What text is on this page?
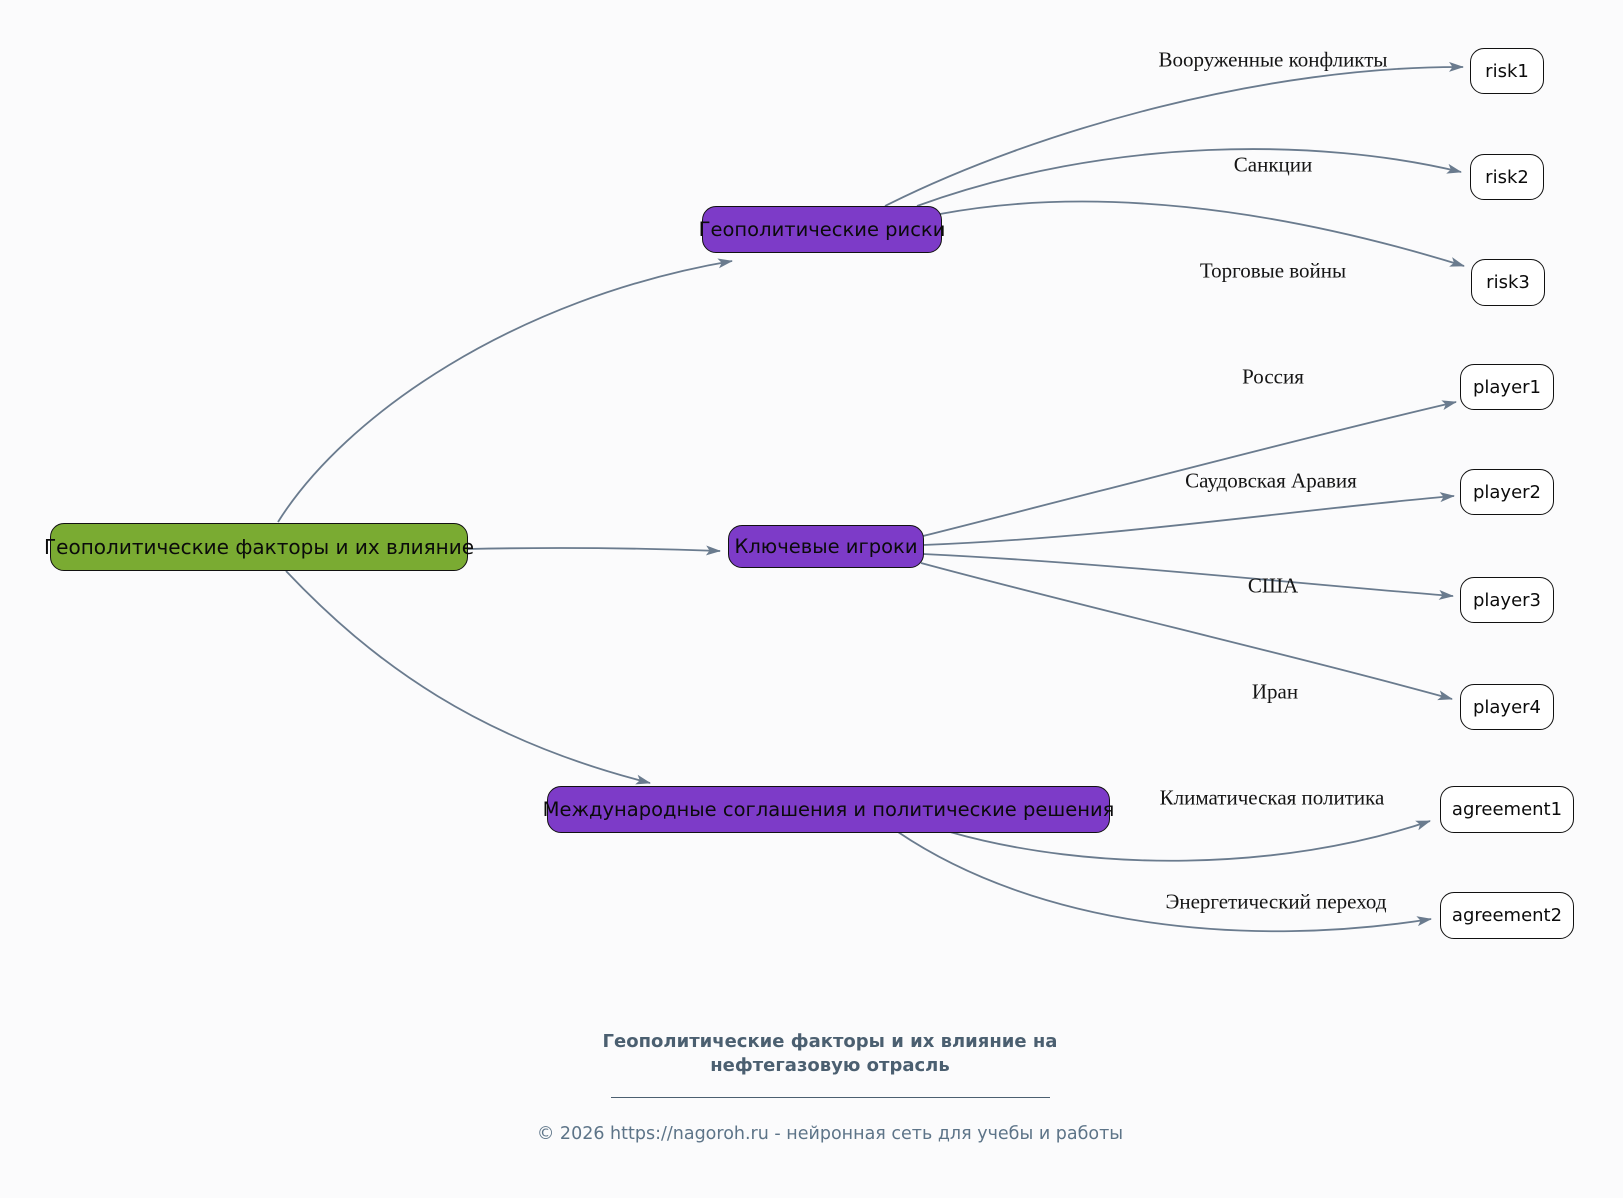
Геополитические факторы и их влияние
Геополитические риски
Ключевые игроки
Международные соглашения и политические решения
risk1
risk2
risk3
player1
player2
player3
player4
agreement1
agreement2
Вооруженные конфликты
Санкции
Торговые войны
Россия
Саудовская Аравия
США
Иран
Климатическая политика
Энергетический переход
Геополитические факторы и их влияние на нефтегазовую отрасль
© 2026 https://nagoroh.ru - нейронная сеть для учебы и работы
